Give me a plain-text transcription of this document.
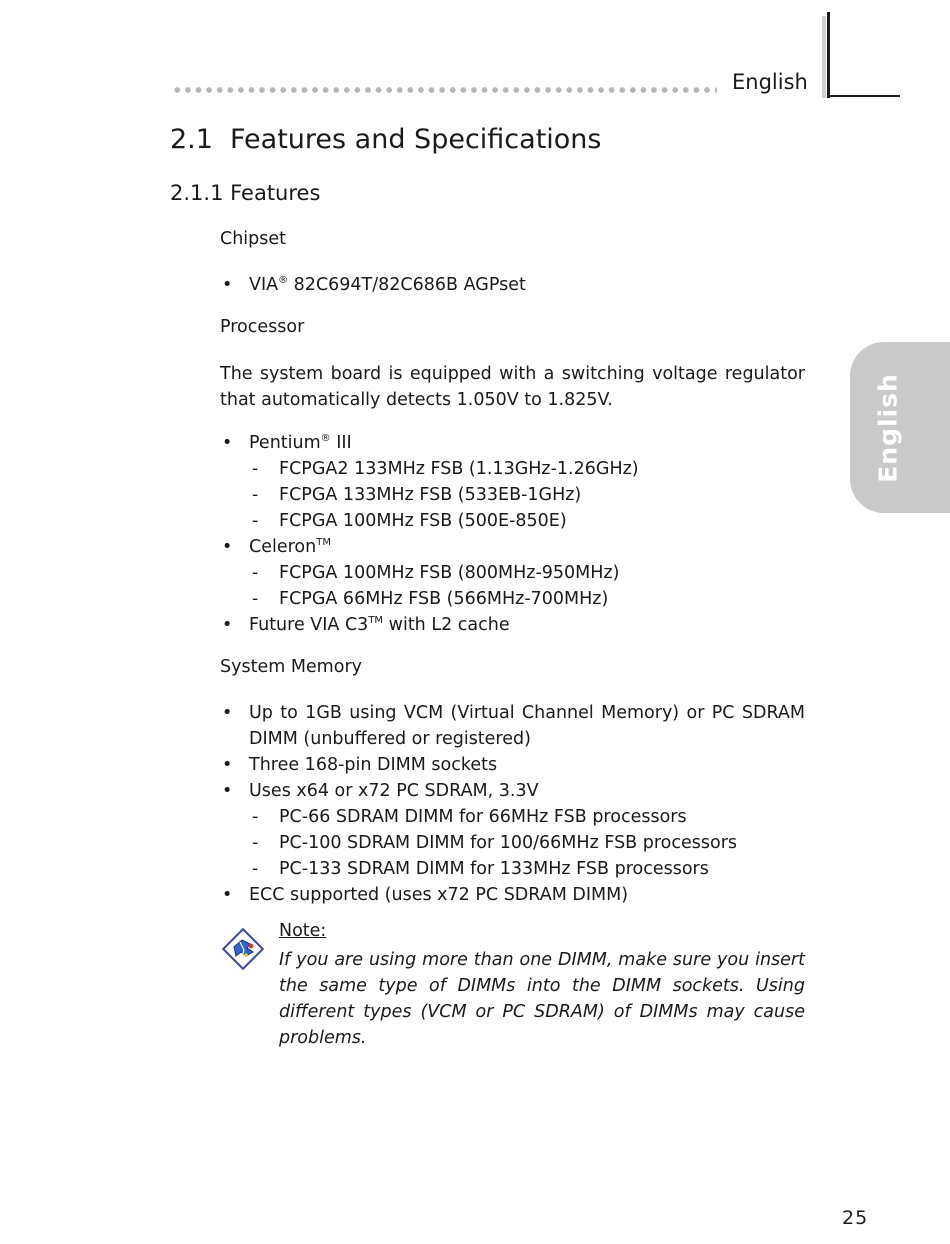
English
English
2.1 Features and Specifications
2.1.1 Features
Chipset
• VIA® 82C694T/82C686B AGPset
Processor
The system board is equipped with a switching voltage regulator that automatically detects 1.050V to 1.825V.
• Pentium® III
- FCPGA2 133MHz FSB (1.13GHz-1.26GHz)
- FCPGA 133MHz FSB (533EB-1GHz)
- FCPGA 100MHz FSB (500E-850E)
• Celeron™
- FCPGA 100MHz FSB (800MHz-950MHz)
- FCPGA 66MHz FSB (566MHz-700MHz)
• Future VIA C3™ with L2 cache
System Memory
• Up to 1GB using VCM (Virtual Channel Memory) or PC SDRAM DIMM (unbuffered or registered)
• Three 168-pin DIMM sockets
• Uses x64 or x72 PC SDRAM, 3.3V
- PC-66 SDRAM DIMM for 66MHz FSB processors
- PC-100 SDRAM DIMM for 100/66MHz FSB processors
- PC-133 SDRAM DIMM for 133MHz FSB processors
• ECC supported (uses x72 PC SDRAM DIMM)
Note:
If you are using more than one DIMM, make sure you insert the same type of DIMMs into the DIMM sockets. Using different types (VCM or PC SDRAM) of DIMMs may cause problems.
25
